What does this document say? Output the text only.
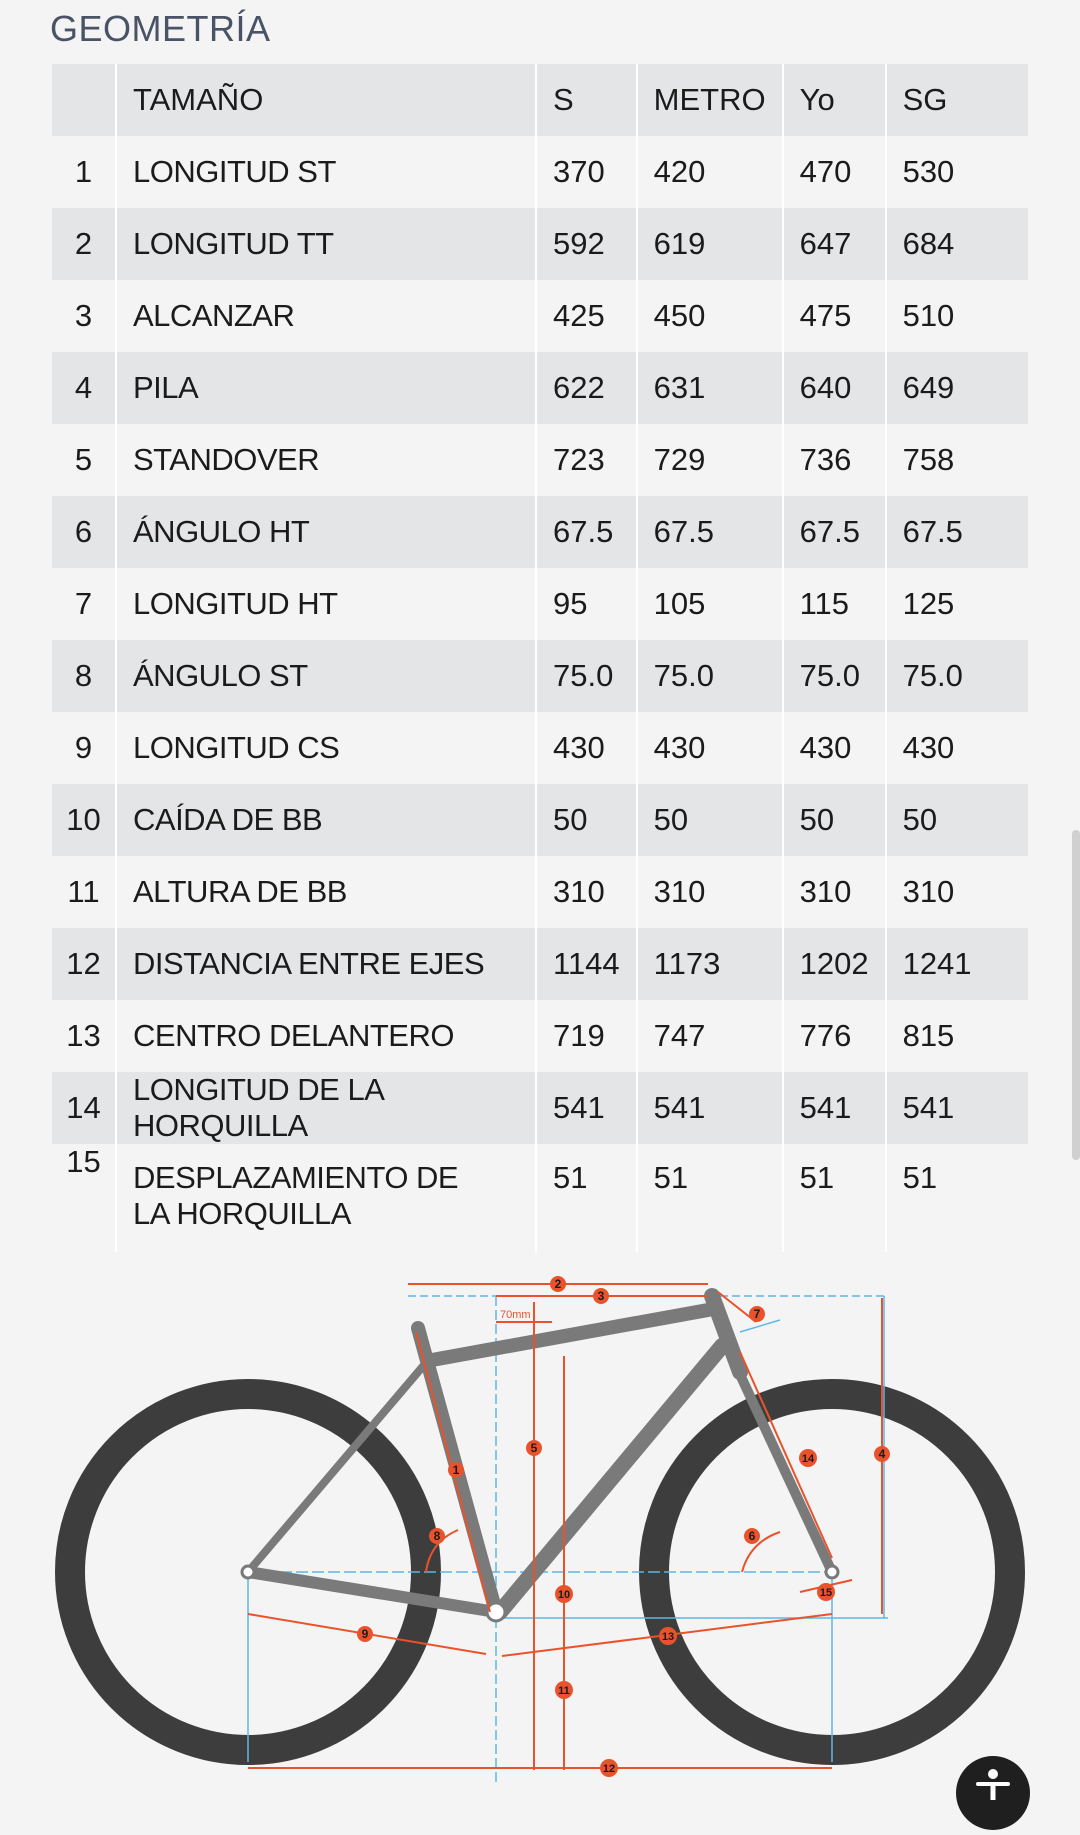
GEOMETRÍA
	TAMAÑO	S	METRO	Yo	SG
1	LONGITUD ST	370	420	470	530
2	LONGITUD TT	592	619	647	684
3	ALCANZAR	425	450	475	510
4	PILA	622	631	640	649
5	STANDOVER	723	729	736	758
6	ÁNGULO HT	67.5	67.5	67.5	67.5
7	LONGITUD HT	95	105	115	125
8	ÁNGULO ST	75.0	75.0	75.0	75.0
9	LONGITUD CS	430	430	430	430
10	CAÍDA DE BB	50	50	50	50
11	ALTURA DE BB	310	310	310	310
12	DISTANCIA ENTRE EJES	1144	1173	1202	1241
13	CENTRO DELANTERO	719	747	776	815
14	LONGITUD DE LA HORQUILLA	541	541	541	541
15	DESPLAZAMIENTO DE LA HORQUILLA	51	51	51	51
70mm
1
2
3
4
5
6
7
8
9
10
11
12
13
14
15
